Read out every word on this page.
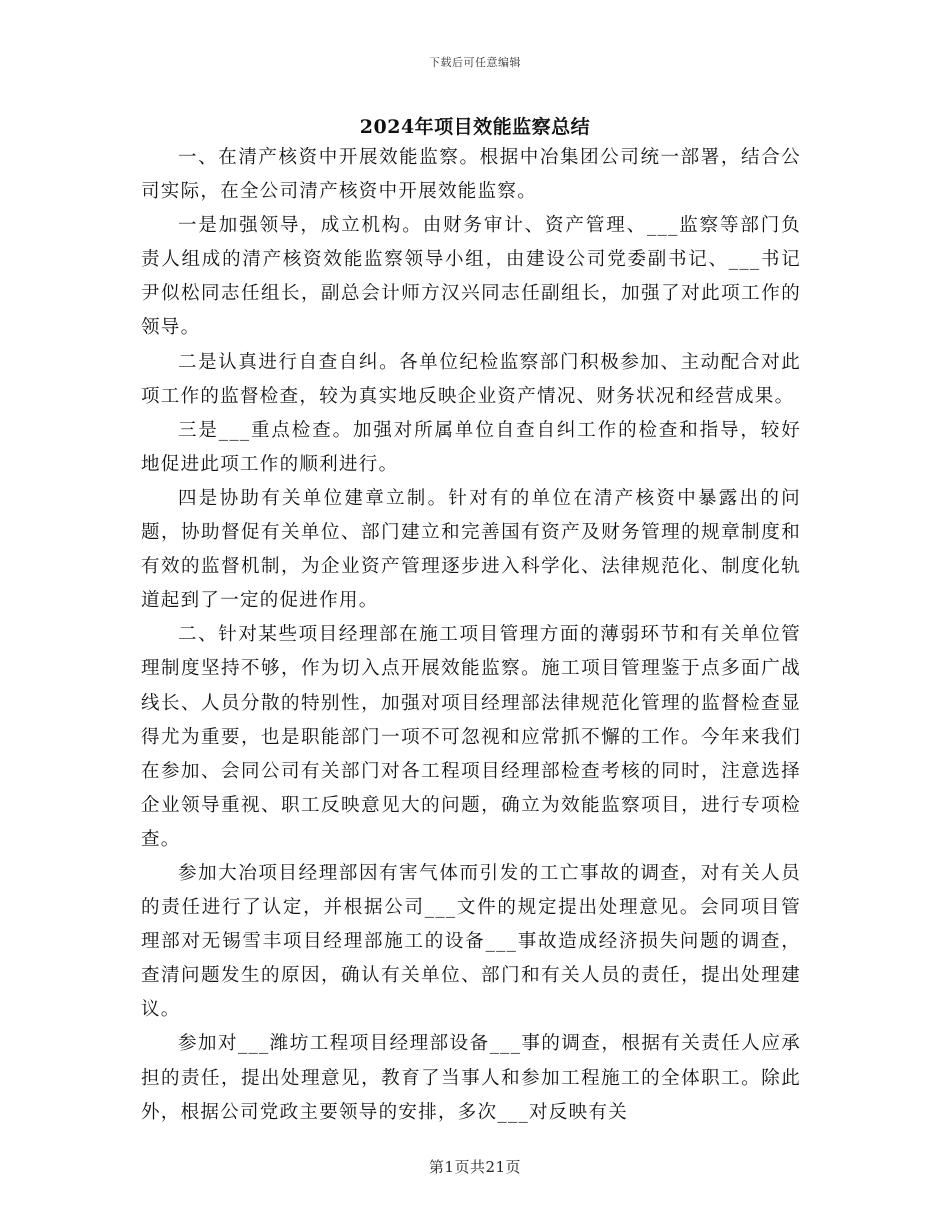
下载后可任意编辑
2024年项目效能监察总结

一、在清产核资中开展效能监察。根据中冶集团公司统一部署，结合公司实际，在全公司清产核资中开展效能监察。

一是加强领导，成立机构。由财务审计、资产管理、___监察等部门负责人组成的清产核资效能监察领导小组，由建设公司党委副书记、___书记尹似松同志任组长，副总会计师方汉兴同志任副组长，加强了对此项工作的领导。

二是认真进行自查自纠。各单位纪检监察部门积极参加、主动配合对此项工作的监督检查，较为真实地反映企业资产情况、财务状况和经营成果。

三是___重点检查。加强对所属单位自查自纠工作的检查和指导，较好地促进此项工作的顺利进行。

四是协助有关单位建章立制。针对有的单位在清产核资中暴露出的问题，协助督促有关单位、部门建立和完善国有资产及财务管理的规章制度和有效的监督机制，为企业资产管理逐步进入科学化、法律规范化、制度化轨道起到了一定的促进作用。

二、针对某些项目经理部在施工项目管理方面的薄弱环节和有关单位管理制度坚持不够，作为切入点开展效能监察。施工项目管理鉴于点多面广战线长、人员分散的特别性，加强对项目经理部法律规范化管理的监督检查显得尤为重要，也是职能部门一项不可忽视和应常抓不懈的工作。今年来我们在参加、会同公司有关部门对各工程项目经理部检查考核的同时，注意选择企业领导重视、职工反映意见大的问题，确立为效能监察项目，进行专项检查。

参加大冶项目经理部因有害气体而引发的工亡事故的调查，对有关人员的责任进行了认定，并根据公司___文件的规定提出处理意见。会同项目管理部对无锡雪丰项目经理部施工的设备___事故造成经济损失问题的调查，查清问题发生的原因，确认有关单位、部门和有关人员的责任，提出处理建议。

参加对___潍坊工程项目经理部设备___事的调查，根据有关责任人应承担的责任，提出处理意见，教育了当事人和参加工程施工的全体职工。除此外，根据公司党政主要领导的安排，多次___对反映有关

第1页共21页
